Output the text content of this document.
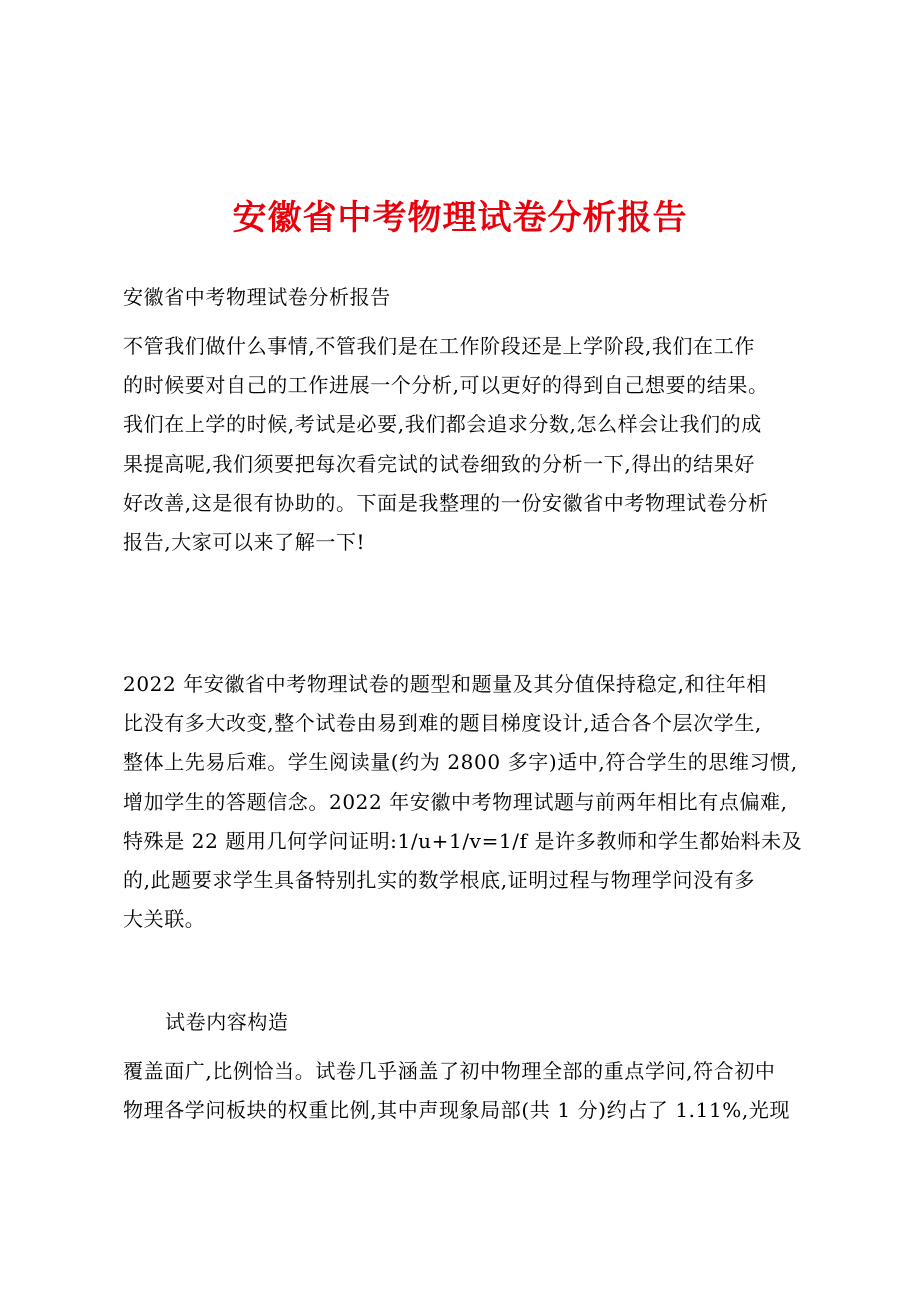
安徽省中考物理试卷分析报告
安徽省中考物理试卷分析报告
不管我们做什么事情,不管我们是在工作阶段还是上学阶段,我们在工作
的时候要对自己的工作进展一个分析,可以更好的得到自己想要的结果。
我们在上学的时候,考试是必要,我们都会追求分数,怎么样会让我们的成
果提高呢,我们须要把每次看完试的试卷细致的分析一下,得出的结果好
好改善,这是很有协助的。下面是我整理的一份安徽省中考物理试卷分析
报告,大家可以来了解一下!
2022 年安徽省中考物理试卷的题型和题量及其分值保持稳定,和往年相
比没有多大改变,整个试卷由易到难的题目梯度设计,适合各个层次学生,
整体上先易后难。学生阅读量(约为 2800 多字)适中,符合学生的思维习惯,
增加学生的答题信念。2022 年安徽中考物理试题与前两年相比有点偏难,
特殊是 22 题用几何学问证明:1/u+1/v=1/f 是许多教师和学生都始料未及
的,此题要求学生具备特别扎实的数学根底,证明过程与物理学问没有多
大关联。
试卷内容构造
覆盖面广,比例恰当。试卷几乎涵盖了初中物理全部的重点学问,符合初中
物理各学问板块的权重比例,其中声现象局部(共 1 分)约占了 1.11%,光现
